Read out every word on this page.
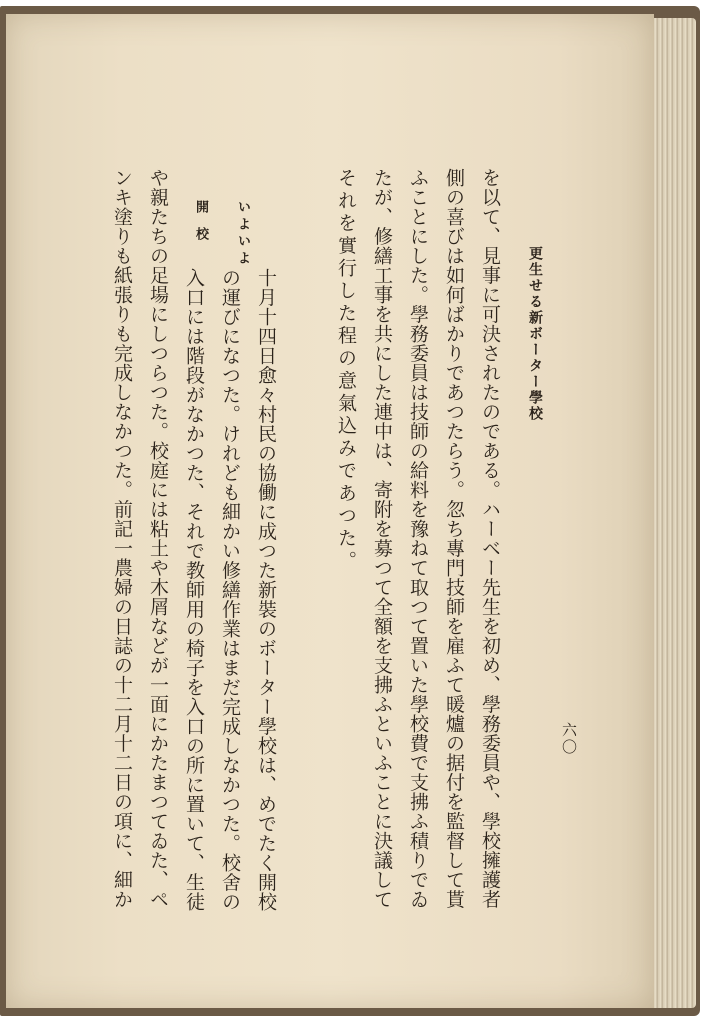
更生せる新ボーター學校
を以て、見事に可決されたのである。ハーベー先生を初め、學務委員や、學校擁護者
側の喜びは如何ばかりであつたらう。忽ち專門技師を雇ふて暖爐の据付を監督して貰
ふことにした。學務委員は技師の給料を豫ねて取つて置いた學校費で支拂ふ積りでゐ
たが、修繕工事を共にした連中は、寄附を募つて全額を支拂ふといふことに決議して
それを實行した程の意氣込みであつた。
いよいよ
開校
十月十四日愈々村民の協働に成つた新裝のボーター學校は、めでたく開校
の運びになつた。けれども細かい修繕作業はまだ完成しなかつた。校舍の
入口には階段がなかつた、それで教師用の椅子を入口の所に置いて、生徒
や親たちの足場にしつらつた。校庭には粘土や木屑などが一面にかたまつてゐた、ペ
ンキ塗りも紙張りも完成しなかつた。前記一農婦の日誌の十二月十二日の項に、細か	六〇
